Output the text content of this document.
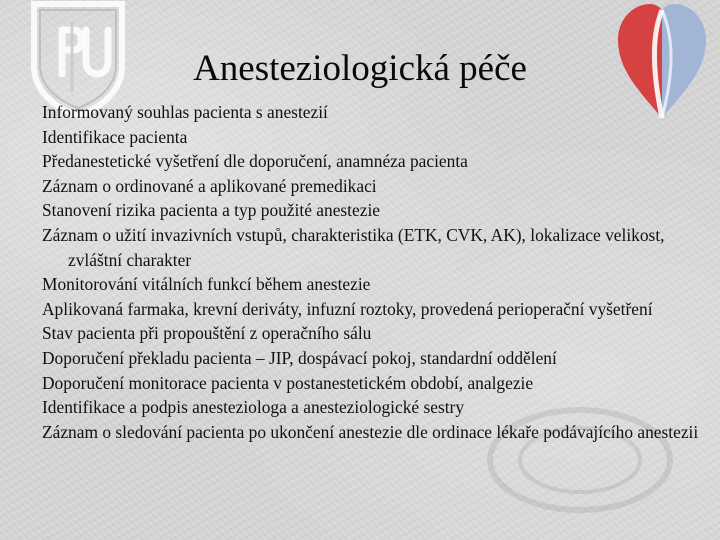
Anesteziologická péče
Informovaný souhlas pacienta s anestezií
Identifikace pacienta
Předanestetické vyšetření dle doporučení, anamnéza pacienta
Záznam o ordinované a aplikované premedikaci
Stanovení rizika pacienta a typ použité anestezie
Záznam o užití invazivních vstupů, charakteristika (ETK, CVK, AK), lokalizace velikost, zvláštní charakter
Monitorování vitálních funkcí během anestezie
Aplikovaná farmaka, krevní deriváty, infuzní roztoky, provedená perioperační vyšetření
Stav pacienta při propouštění z operačního sálu
Doporučení překladu pacienta – JIP, dospávací pokoj, standardní oddělení
Doporučení monitorace pacienta v postanestetickém období, analgezie
Identifikace a podpis anesteziologa a anesteziologické sestry
Záznam o sledování pacienta po ukončení anestezie dle ordinace lékaře podávajícího anestezii
